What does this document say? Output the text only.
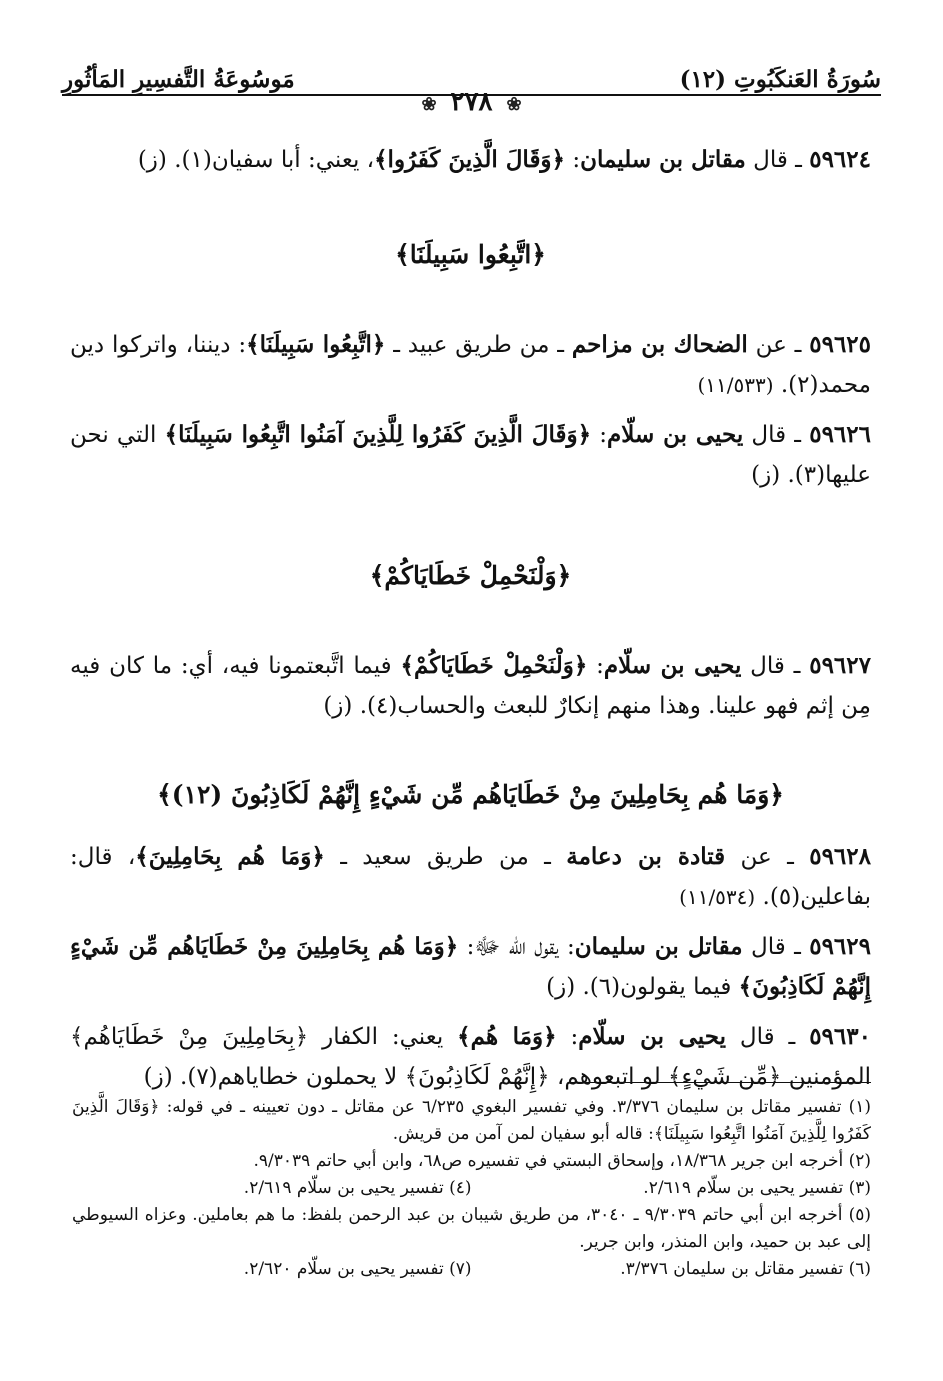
سُورَةُ العَنكَبُوتِ (١٢)
مَوسُوعَةُ التَّفسِيرِ المَأثُورِ
❀٢٧٨❀

٥٩٦٢٤ ـ قال مقاتل بن سليمان: ﴿وَقَالَ الَّذِينَ كَفَرُوا﴾، يعني: أبا سفيان(١). (ز)

﴿اتَّبِعُوا سَبِيلَنَا﴾

٥٩٦٢٥ ـ عن الضحاك بن مزاحم ـ من طريق عبيد ـ ﴿اتَّبِعُوا سَبِيلَنَا﴾: ديننا، واتركوا دين محمد(٢). (١١/٥٣٣)

٥٩٦٢٦ ـ قال يحيى بن سلّام: ﴿وَقَالَ الَّذِينَ كَفَرُوا لِلَّذِينَ آمَنُوا اتَّبِعُوا سَبِيلَنَا﴾ التي نحن عليها(٣). (ز)

﴿وَلْنَحْمِلْ خَطَايَاكُمْ﴾

٥٩٦٢٧ ـ قال يحيى بن سلّام: ﴿وَلْنَحْمِلْ خَطَايَاكُمْ﴾ فيما اتَّبعتمونا فيه، أي: ما كان فيه مِن إثم فهو علينا. وهذا منهم إنكارٌ للبعث والحساب(٤). (ز)

﴿وَمَا هُم بِحَامِلِينَ مِنْ خَطَايَاهُم مِّن شَيْءٍ إِنَّهُمْ لَكَاذِبُونَ (١٢)﴾

٥٩٦٢٨ ـ عن قتادة بن دعامة ـ من طريق سعيد ـ ﴿وَمَا هُم بِحَامِلِينَ﴾، قال: بفاعلين(٥). (١١/٥٣٤)

٥٩٦٢٩ ـ قال مقاتل بن سليمان: يقول الله ﷻ: ﴿وَمَا هُم بِحَامِلِينَ مِنْ خَطَايَاهُم مِّن شَيْءٍ إِنَّهُمْ لَكَاذِبُونَ﴾ فيما يقولون(٦). (ز)

٥٩٦٣٠ ـ قال يحيى بن سلّام: ﴿وَمَا هُم﴾ يعني: الكفار ﴿بِحَامِلِينَ مِنْ خَطَايَاهُم﴾ المؤمنين ﴿مِّن شَيْءٍ﴾ لو اتبعوهم، ﴿إِنَّهُمْ لَكَاذِبُونَ﴾ لا يحملون خطاياهم(٧). (ز)

(١) تفسير مقاتل بن سليمان ٣/٣٧٦. وفي تفسير البغوي ٦/٢٣٥ عن مقاتل ـ دون تعيينه ـ في قوله: ﴿وَقَالَ الَّذِينَ كَفَرُوا لِلَّذِينَ آمَنُوا اتَّبِعُوا سَبِيلَنَا﴾: قاله أبو سفيان لمن آمن من قريش.
(٢) أخرجه ابن جرير ١٨/٣٦٨، وإسحاق البستي في تفسيره ص٦٨، وابن أبي حاتم ٩/٣٠٣٩.
(٣) تفسير يحيى بن سلّام ٢/٦١٩.
(٤) تفسير يحيى بن سلّام ٢/٦١٩.
(٥) أخرجه ابن أبي حاتم ٩/٣٠٣٩ ـ ٣٠٤٠، من طريق شيبان بن عبد الرحمن بلفظ: ما هم بعاملين. وعزاه السيوطي إلى عبد بن حميد، وابن المنذر، وابن جرير.
(٦) تفسير مقاتل بن سليمان ٣/٣٧٦.
(٧) تفسير يحيى بن سلّام ٢/٦٢٠.
